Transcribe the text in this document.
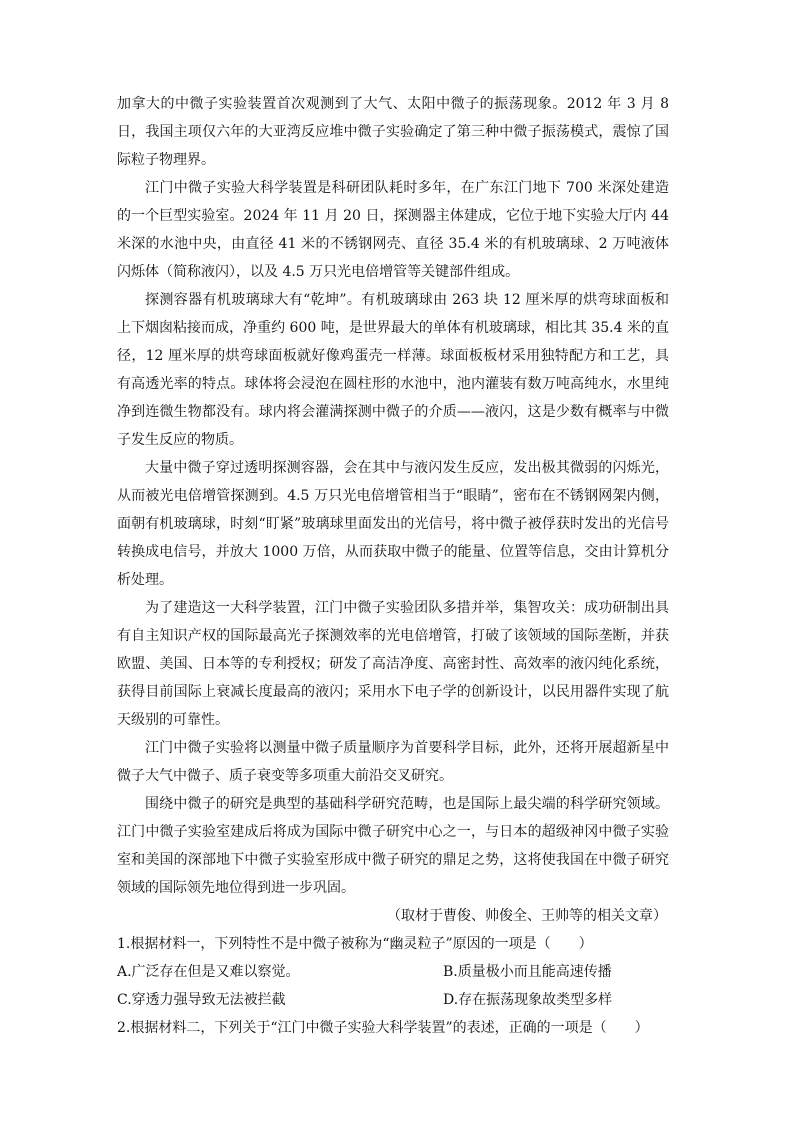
加拿大的中微子实验装置首次观测到了大气、太阳中微子的振荡现象。2012 年 3 月 8 日，我国主项仅六年的大亚湾反应堆中微子实验确定了第三种中微子振荡模式，震惊了国际粒子物理界。

江门中微子实验大科学装置是科研团队耗时多年，在广东江门地下 700 米深处建造的一个巨型实验室。2024 年 11 月 20 日，探测器主体建成，它位于地下实验大厅内 44 米深的水池中央，由直径 41 米的不锈钢网壳、直径 35.4 米的有机玻璃球、2 万吨液体闪烁体（简称液闪），以及 4.5 万只光电倍增管等关键部件组成。

探测容器有机玻璃球大有“乾坤”。有机玻璃球由 263 块 12 厘米厚的烘弯球面板和上下烟囱粘接而成，净重约 600 吨，是世界最大的单体有机玻璃球，相比其 35.4 米的直径，12 厘米厚的烘弯球面板就好像鸡蛋壳一样薄。球面板板材采用独特配方和工艺，具有高透光率的特点。球体将会浸泡在圆柱形的水池中，池内灌装有数万吨高纯水，水里纯净到连微生物都没有。球内将会灌满探测中微子的介质——液闪，这是少数有概率与中微子发生反应的物质。

大量中微子穿过透明探测容器，会在其中与液闪发生反应，发出极其微弱的闪烁光，从而被光电倍增管探测到。4.5 万只光电倍增管相当于“眼睛”，密布在不锈钢网架内侧，面朝有机玻璃球，时刻“盯紧”玻璃球里面发出的光信号，将中微子被俘获时发出的光信号转换成电信号，并放大 1000 万倍，从而获取中微子的能量、位置等信息，交由计算机分析处理。

为了建造这一大科学装置，江门中微子实验团队多措并举，集智攻关：成功研制出具有自主知识产权的国际最高光子探测效率的光电倍增管，打破了该领域的国际垄断，并获欧盟、美国、日本等的专利授权；研发了高洁净度、高密封性、高效率的液闪纯化系统，获得目前国际上衰减长度最高的液闪；采用水下电子学的创新设计，以民用器件实现了航天级别的可靠性。

江门中微子实验将以测量中微子质量顺序为首要科学目标，此外，还将开展超新星中微子大气中微子、质子衰变等多项重大前沿交叉研究。

围绕中微子的研究是典型的基础科学研究范畴，也是国际上最尖端的科学研究领域。江门中微子实验室建成后将成为国际中微子研究中心之一，与日本的超级神冈中微子实验室和美国的深部地下中微子实验室形成中微子研究的鼎足之势，这将使我国在中微子研究领域的国际领先地位得到进一步巩固。

（取材于曹俊、帅俊全、王帅等的相关文章）

1.根据材料一，下列特性不是中微子被称为“幽灵粒子”原因的一项是（　　）

A.广泛存在但是又难以察觉。	B.质量极小而且能高速传播
C.穿透力强导致无法被拦截	D.存在振荡现象故类型多样

2.根据材料二，下列关于“江门中微子实验大科学装置”的表述，正确的一项是（　　）
